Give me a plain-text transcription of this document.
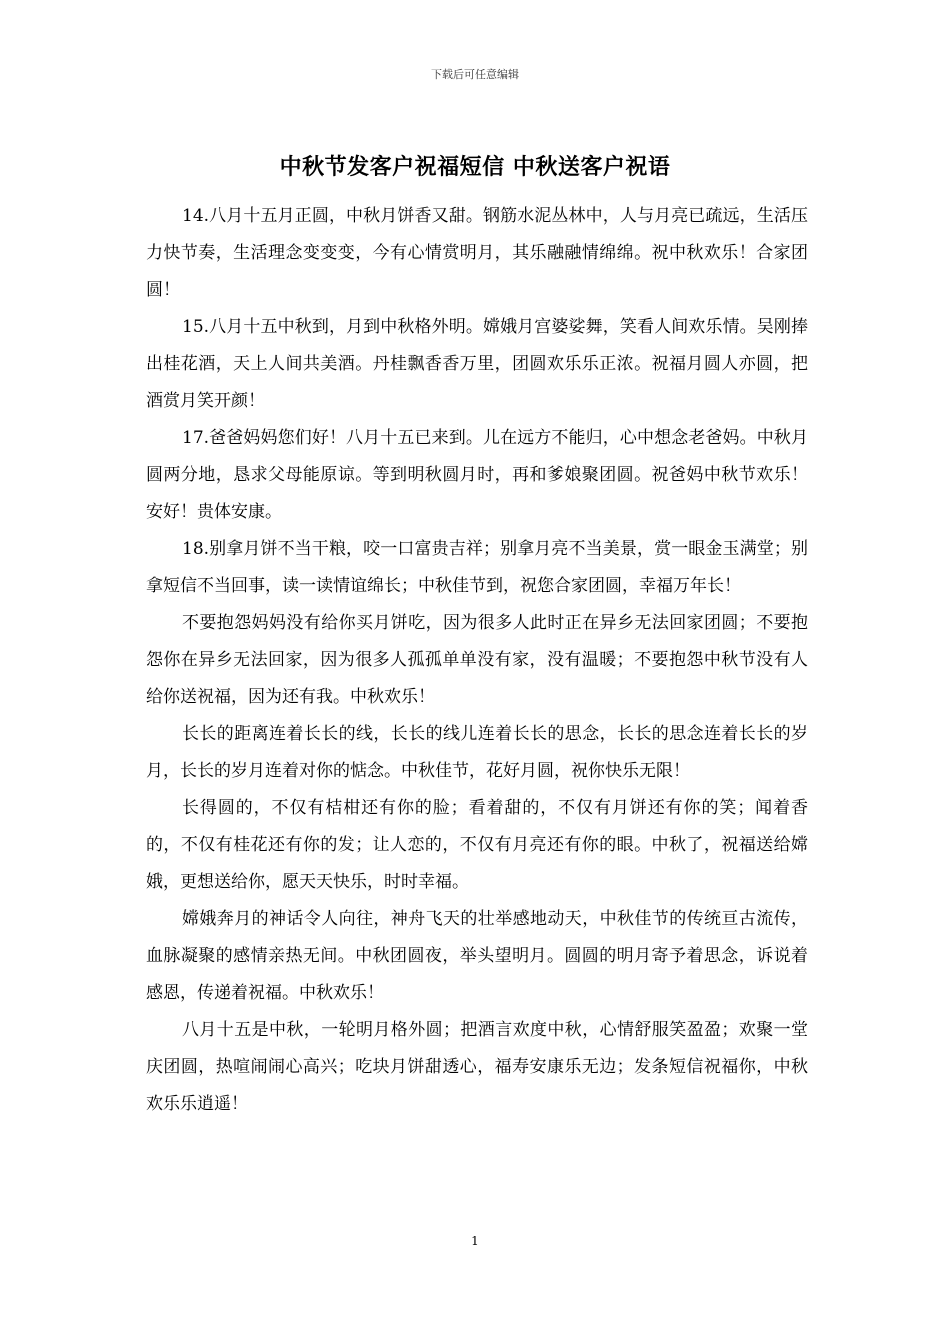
下载后可任意编辑
中秋节发客户祝福短信 中秋送客户祝语

14.八月十五月正圆，中秋月饼香又甜。钢筋水泥丛林中，人与月亮已疏远，生活压力快节奏，生活理念变变变，今有心情赏明月，其乐融融情绵绵。祝中秋欢乐！合家团圆！

15.八月十五中秋到，月到中秋格外明。嫦娥月宫婆娑舞，笑看人间欢乐情。吴刚捧出桂花酒，天上人间共美酒。丹桂飘香香万里，团圆欢乐乐正浓。祝福月圆人亦圆，把酒赏月笑开颜！

17.爸爸妈妈您们好！八月十五已来到。儿在远方不能归，心中想念老爸妈。中秋月圆两分地，恳求父母能原谅。等到明秋圆月时，再和爹娘聚团圆。祝爸妈中秋节欢乐！安好！贵体安康。

18.别拿月饼不当干粮，咬一口富贵吉祥；别拿月亮不当美景，赏一眼金玉满堂；别拿短信不当回事，读一读情谊绵长；中秋佳节到，祝您合家团圆，幸福万年长！

不要抱怨妈妈没有给你买月饼吃，因为很多人此时正在异乡无法回家团圆；不要抱怨你在异乡无法回家，因为很多人孤孤单单没有家，没有温暖；不要抱怨中秋节没有人给你送祝福，因为还有我。中秋欢乐！

长长的距离连着长长的线，长长的线儿连着长长的思念，长长的思念连着长长的岁月，长长的岁月连着对你的惦念。中秋佳节，花好月圆，祝你快乐无限！

长得圆的，不仅有桔柑还有你的脸；看着甜的，不仅有月饼还有你的笑；闻着香的，不仅有桂花还有你的发；让人恋的，不仅有月亮还有你的眼。中秋了，祝福送给嫦娥，更想送给你，愿天天快乐，时时幸福。

嫦娥奔月的神话令人向往，神舟飞天的壮举感地动天，中秋佳节的传统亘古流传，血脉凝聚的感情亲热无间。中秋团圆夜，举头望明月。圆圆的明月寄予着思念，诉说着感恩，传递着祝福。中秋欢乐！

八月十五是中秋，一轮明月格外圆；把酒言欢度中秋，心情舒服笑盈盈；欢聚一堂庆团圆，热喧闹闹心高兴；吃块月饼甜透心，福寿安康乐无边；发条短信祝福你，中秋欢乐乐逍遥！

1
